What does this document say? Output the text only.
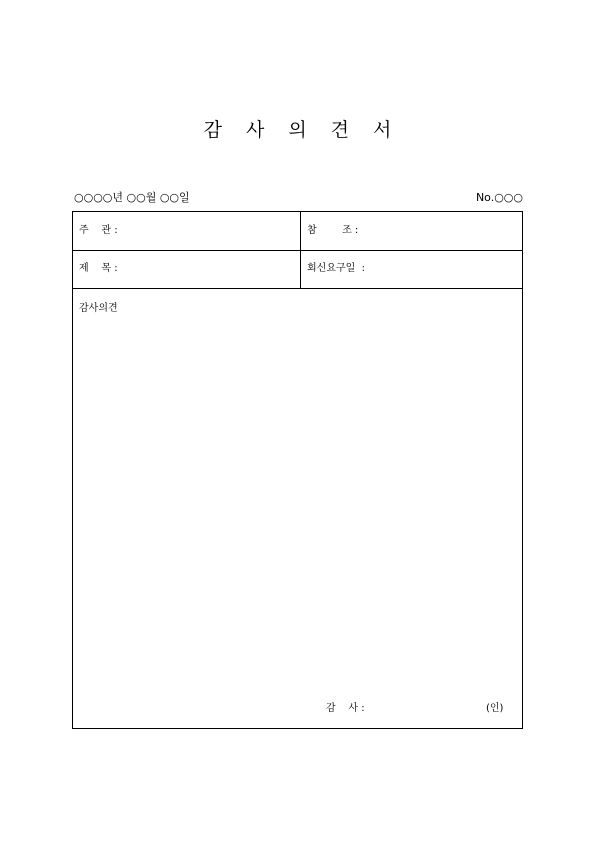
감 사 의 견 서
○○○○년 ○○월 ○○일	No.○○○
주    관 :	참        조 :
제    목 :	회신요구일  :
감사의견
감    사 :	(인)
